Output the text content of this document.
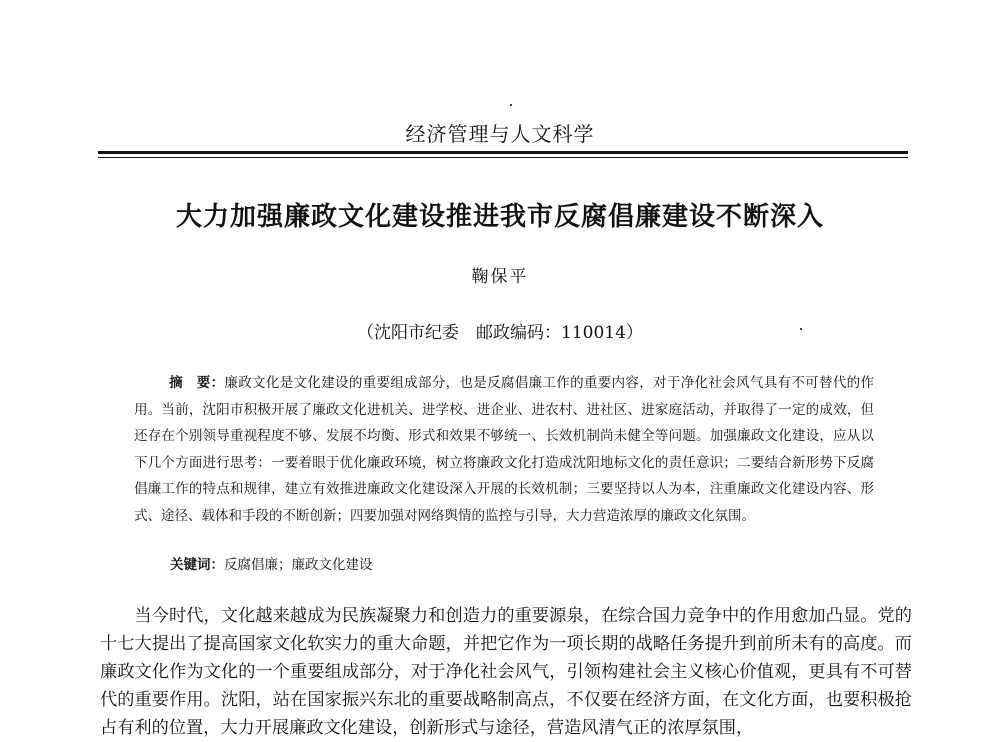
经济管理与人文科学
大力加强廉政文化建设推进我市反腐倡廉建设不断深入
鞠保平
（沈阳市纪委　邮政编码：110014）
摘　要：廉政文化是文化建设的重要组成部分，也是反腐倡廉工作的重要内容，对于净化社会风气具有不可替代的作用。当前，沈阳市积极开展了廉政文化进机关、进学校、进企业、进农村、进社区、进家庭活动，并取得了一定的成效，但还存在个别领导重视程度不够、发展不均衡、形式和效果不够统一、长效机制尚未健全等问题。加强廉政文化建设，应从以下几个方面进行思考：一要着眼于优化廉政环境，树立将廉政文化打造成沈阳地标文化的责任意识；二要结合新形势下反腐倡廉工作的特点和规律，建立有效推进廉政文化建设深入开展的长效机制；三要坚持以人为本，注重廉政文化建设内容、形式、途径、载体和手段的不断创新；四要加强对网络舆情的监控与引导，大力营造浓厚的廉政文化氛围。
关键词：反腐倡廉；廉政文化建设
当今时代，文化越来越成为民族凝聚力和创造力的重要源泉，在综合国力竞争中的作用愈加凸显。党的十七大提出了提高国家文化软实力的重大命题，并把它作为一项长期的战略任务提升到前所未有的高度。而廉政文化作为文化的一个重要组成部分，对于净化社会风气，引领构建社会主义核心价值观，更具有不可替代的重要作用。沈阳，站在国家振兴东北的重要战略制高点，不仅要在经济方面，在文化方面，也要积极抢占有利的位置，大力开展廉政文化建设，创新形式与途径，营造风清气正的浓厚氛围，
